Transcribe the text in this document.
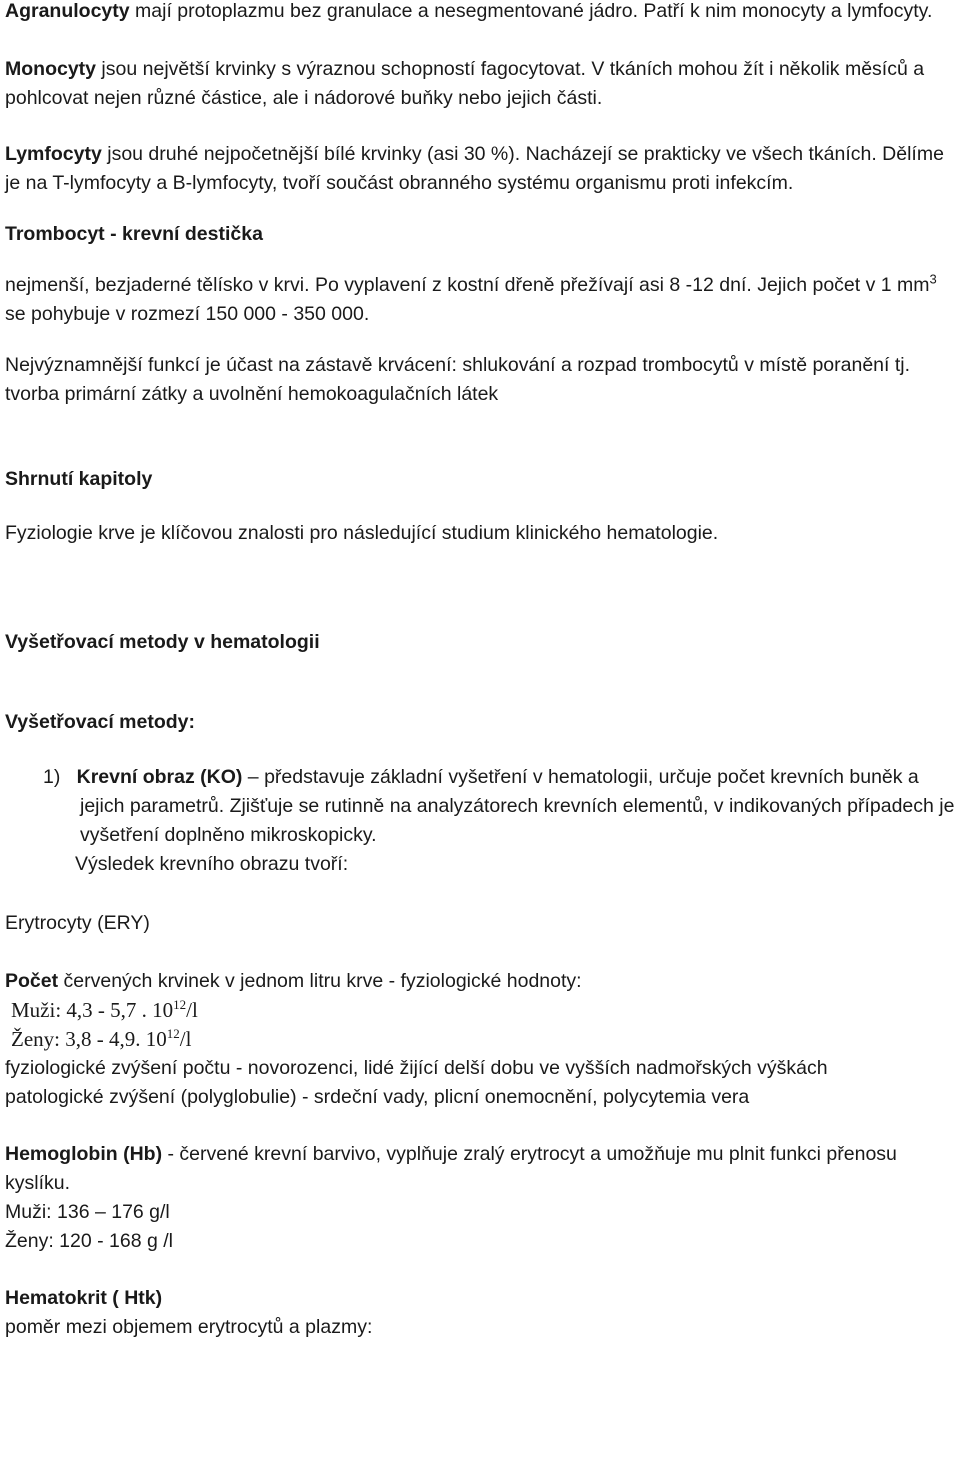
Agranulocyty mají protoplazmu bez granulace a nesegmentované jádro. Patří k nim monocyty a lymfocyty.

Monocyty jsou největší krvinky s výraznou schopností fagocytovat. V tkáních mohou žít i několik měsíců a pohlcovat nejen různé částice, ale i nádorové buňky nebo jejich části.

Lymfocyty jsou druhé nejpočetnější bílé krvinky (asi 30 %). Nacházejí se prakticky ve všech tkáních. Dělíme je na T-lymfocyty a B-lymfocyty, tvoří součást obranného systému organismu proti infekcím.

Trombocyt - krevní destička

nejmenší, bezjaderné tělísko v krvi. Po vyplavení z kostní dřeně přežívají asi 8 -12 dní. Jejich počet v 1 $mm^3$ se pohybuje v rozmezí 150 000 - 350 000.

Nejvýznamnější funkcí je účast na zástavě krvácení: shlukování a rozpad trombocytů v místě poranění tj. tvorba primární zátky a uvolnění hemokoagulačních látek

Shrnutí kapitoly

Fyziologie krve je klíčovou znalosti pro následující studium klinického hematologie.

Vyšetřovací metody v hematologii

Vyšetřovací metody:

1) Krevní obraz (KO) – představuje základní vyšetření v hematologii, určuje počet krevních buněk a jejich parametrů. Zjišťuje se rutinně na analyzátorech krevních elementů, v indikovaných případech je vyšetření doplněno mikroskopicky.

Výsledek krevního obrazu tvoří:

Erytrocyty (ERY)

Počet červených krvinek v jednom litru krve - fyziologické hodnoty:

Muži: 4,3 - 5,7 . $10^{12}/l$

Ženy: 3,8 - 4,9. $10^{12}/l$

fyziologické zvýšení počtu - novorozenci, lidé žijící delší dobu ve vyšších nadmořských výškách

patologické zvýšení (polyglobulie) - srdeční vady, plicní onemocnění, polycytemia vera

Hemoglobin (Hb) - červené krevní barvivo, vyplňuje zralý erytrocyt a umožňuje mu plnit funkci přenosu kyslíku.

Muži: 136 – 176 g/l

Ženy: 120 - 168 g /l

Hematokrit ( Htk)

poměr mezi objemem erytrocytů a plazmy:
